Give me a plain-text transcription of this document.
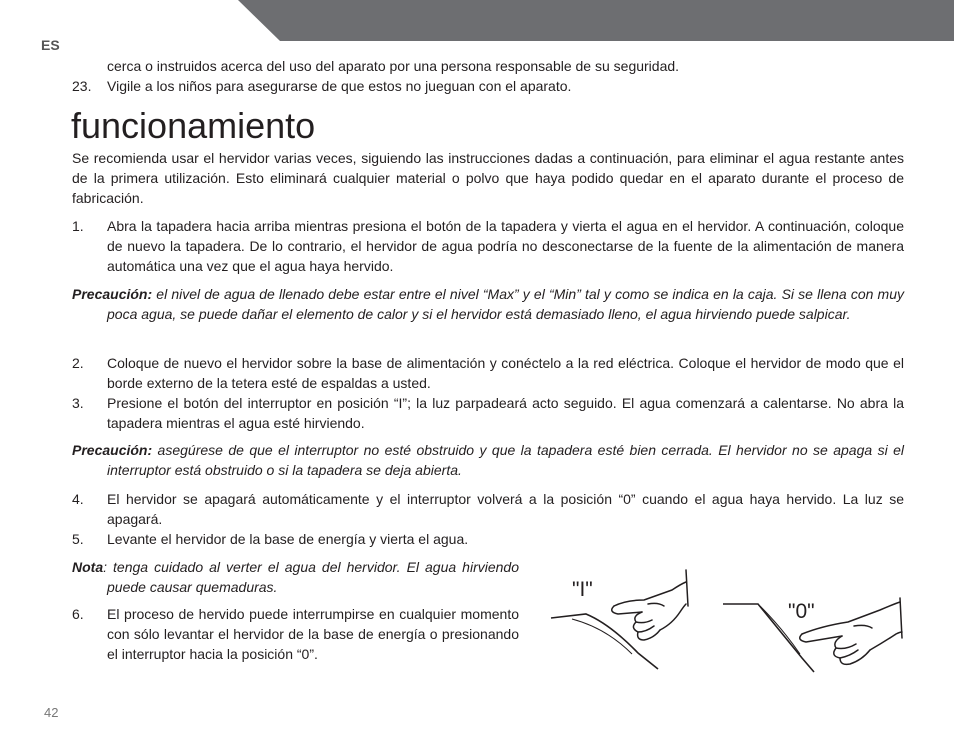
ES
cerca o instruidos acerca del uso del aparato por una persona responsable de su seguridad.
23. Vigile a los niños para asegurarse de que estos no jueguan con el aparato.
funcionamiento
Se recomienda usar el hervidor varias veces, siguiendo las instrucciones dadas a continuación, para eliminar el agua restante antes de la primera utilización. Esto eliminará cualquier material o polvo que haya podido quedar en el aparato durante el proceso de fabricación.
1. Abra la tapadera hacia arriba mientras presiona el botón de la tapadera y vierta el agua en el hervidor. A continuación, coloque de nuevo la tapadera. De lo contrario, el hervidor de agua podría no desconectarse de la fuente de la alimentación de manera automática una vez que el agua haya hervido.
Precaución: el nivel de agua de llenado debe estar entre el nivel “Max” y el “Min” tal y como se indica en la caja. Si se llena con muy poca agua, se puede dañar el elemento de calor y si el hervidor está demasiado lleno, el agua hirviendo puede salpicar.
2. Coloque de nuevo el hervidor sobre la base de alimentación y conéctelo a la red eléctrica. Coloque el hervidor de modo que el borde externo de la tetera esté de espaldas a usted.
3. Presione el botón del interruptor en posición “I”; la luz parpadeará acto seguido. El agua comenzará a calentarse. No abra la tapadera mientras el agua esté hirviendo.
Precaución: asegúrese de que el interruptor no esté obstruido y que la tapadera esté bien cerrada. El hervidor no se apaga si el interruptor está obstruido o si la tapadera se deja abierta.
4. El hervidor se apagará automáticamente y el interruptor volverá a la posición “0” cuando el agua haya hervido. La luz se apagará.
5. Levante el hervidor de la base de energía y vierta el agua.
Nota: tenga cuidado al verter el agua del hervidor. El agua hirviendo puede causar quemaduras.
6. El proceso de hervido puede interrumpirse en cualquier momento con sólo levantar el hervidor de la base de energía o presionando el interruptor hacia la posición “0”.
"I"
"0"
42
